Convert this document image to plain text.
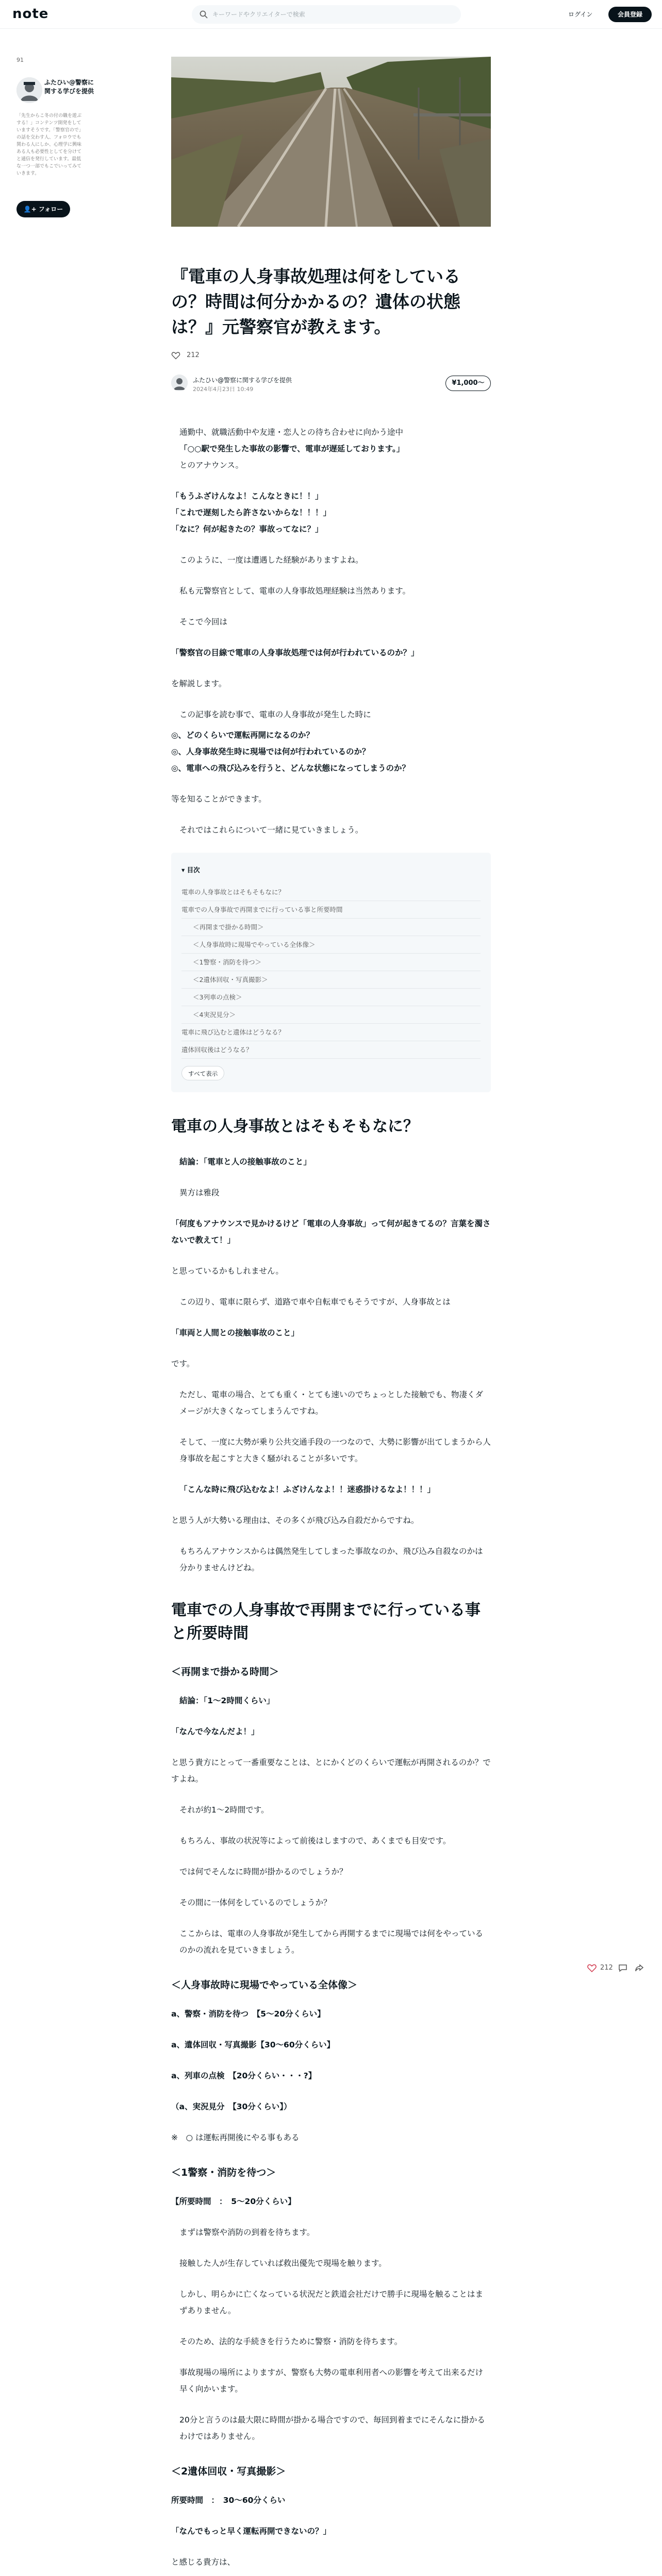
note
キーワードやクリエイターで検索	ログイン	会員登録
91
ふたひい@警察に関する学びを提供
「先生からこ冬の付の職を遊ぶする！」コンテンツ開発をしていますそうです。「警察官ので」の話を交わす人、フォロウでも関わる人にしか、心理学に興味ある人も必要性としてを分けてと通信を発行しています。最低な一つ一部でもこでいってみていきます。
👤+ フォロー
『電車の人身事故処理は何をしているの？時間は何分かかるの？遺体の状態は？』元警察官が教えます。
212
ふたひい@警察に関する学びを提供
2024年4月23日 10:49
¥1,000〜

通勤中、就職活動中や友達・恋人との待ち合わせに向かう途中
「○○駅で発生した事故の影響で、電車が遅延しております。」
とのアナウンス。

「もうふざけんなよ！こんなときに！！」
「これで遅刻したら許さないからな！！！」
「なに？何が起きたの？事故ってなに？」

このように、一度は遭遇した経験がありますよね。

私も元警察官として、電車の人身事故処理経験は当然あります。

そこで今回は

「警察官の目線で電車の人身事故処理では何が行われているのか？」

を解説します。

この記事を読む事で、電車の人身事故が発生した時に

◎、どのくらいで運転再開になるのか？
◎、人身事故発生時に現場では何が行われているのか？
◎、電車への飛び込みを行うと、どんな状態になってしまうのか？

等を知ることができます。

それではこれらについて一緒に見ていきましょう。

▾ 目次
電車の人身事故とはそもそもなに？
電車での人身事故で再開までに行っている事と所要時間
＜再開まで掛かる時間＞
＜人身事故時に現場でやっている全体像＞
＜1警察・消防を待つ＞
＜2遺体回収・写真撮影＞
＜3列車の点検＞
＜4実況見分＞
電車に飛び込むと遺体はどうなる？
遺体回収後はどうなる？
すべて表示
電車の人身事故とはそもそもなに？

結論：「電車と人の接触事故のこと」

異方は雅段

「何度もアナウンスで見かけるけど「電車の人身事故」って何が起きてるの？言葉を濁さないで教えて！」

と思っているかもしれません。

この辺り、電車に限らず、道路で車や自転車でもそうですが、人身事故とは

「車両と人間との接触事故のこと」

です。

ただし、電車の場合、とても重く・とても速いのでちょっとした接触でも、物凄くダメージが大きくなってしまうんですね。

そして、一度に大勢が乗り公共交通手段の一つなので、大勢に影響が出てしまうから人身事故を起こすと大きく騒がれることが多いです。

「こんな時に飛び込むなよ！ふざけんなよ！！迷惑掛けるなよ！！！」

と思う人が大勢いる理由は、その多くが飛び込み自殺だからですね。

もちろんアナウンスからは偶然発生してしまった事故なのか、飛び込み自殺なのかは分かりませんけどね。

電車での人身事故で再開までに行っている事と所要時間
＜再開まで掛かる時間＞

結論：「1〜2時間くらい」

「なんで今なんだよ！」

と思う貴方にとって一番重要なことは、とにかくどのくらいで運転が再開されるのか？ですよね。

それが約1〜2時間です。

もちろん、事故の状況等によって前後はしますので、あくまでも目安です。

では何でそんなに時間が掛かるのでしょうか？

その間に一体何をしているのでしょうか？

ここからは、電車の人身事故が発生してから再開するまでに現場では何をやっているのかの流れを見ていきましょう。

＜人身事故時に現場でやっている全体像＞

a、警察・消防を待つ　【5〜20分くらい】

a、遺体回収・写真撮影【30〜60分くらい】

a、列車の点検　【20分くらい・・・?】

（a、実況見分　【30分くらい】）

※　○ は運転再開後にやる事もある

＜1警察・消防を待つ＞

【所要時間　：　5〜20分くらい】

まずは警察や消防の到着を待ちます。

接触した人が生存していれば救出優先で現場を触ります。

しかし、明らかに亡くなっている状況だと鉄道会社だけで勝手に現場を触ることはまずありません。

そのため、法的な手続きを行うために警察・消防を待ちます。

事故現場の場所によりますが、警察も大勢の電車利用者への影響を考えて出来るだけ早く向かいます。

20分と言うのは最大限に時間が掛かる場合ですので、毎回到着までにそんなに掛かるわけではありません。

＜2遺体回収・写真撮影＞

所要時間　：　30〜60分くらい

「なんでもっと早く運転再開できないの？」

と感じる貴方は、

212
